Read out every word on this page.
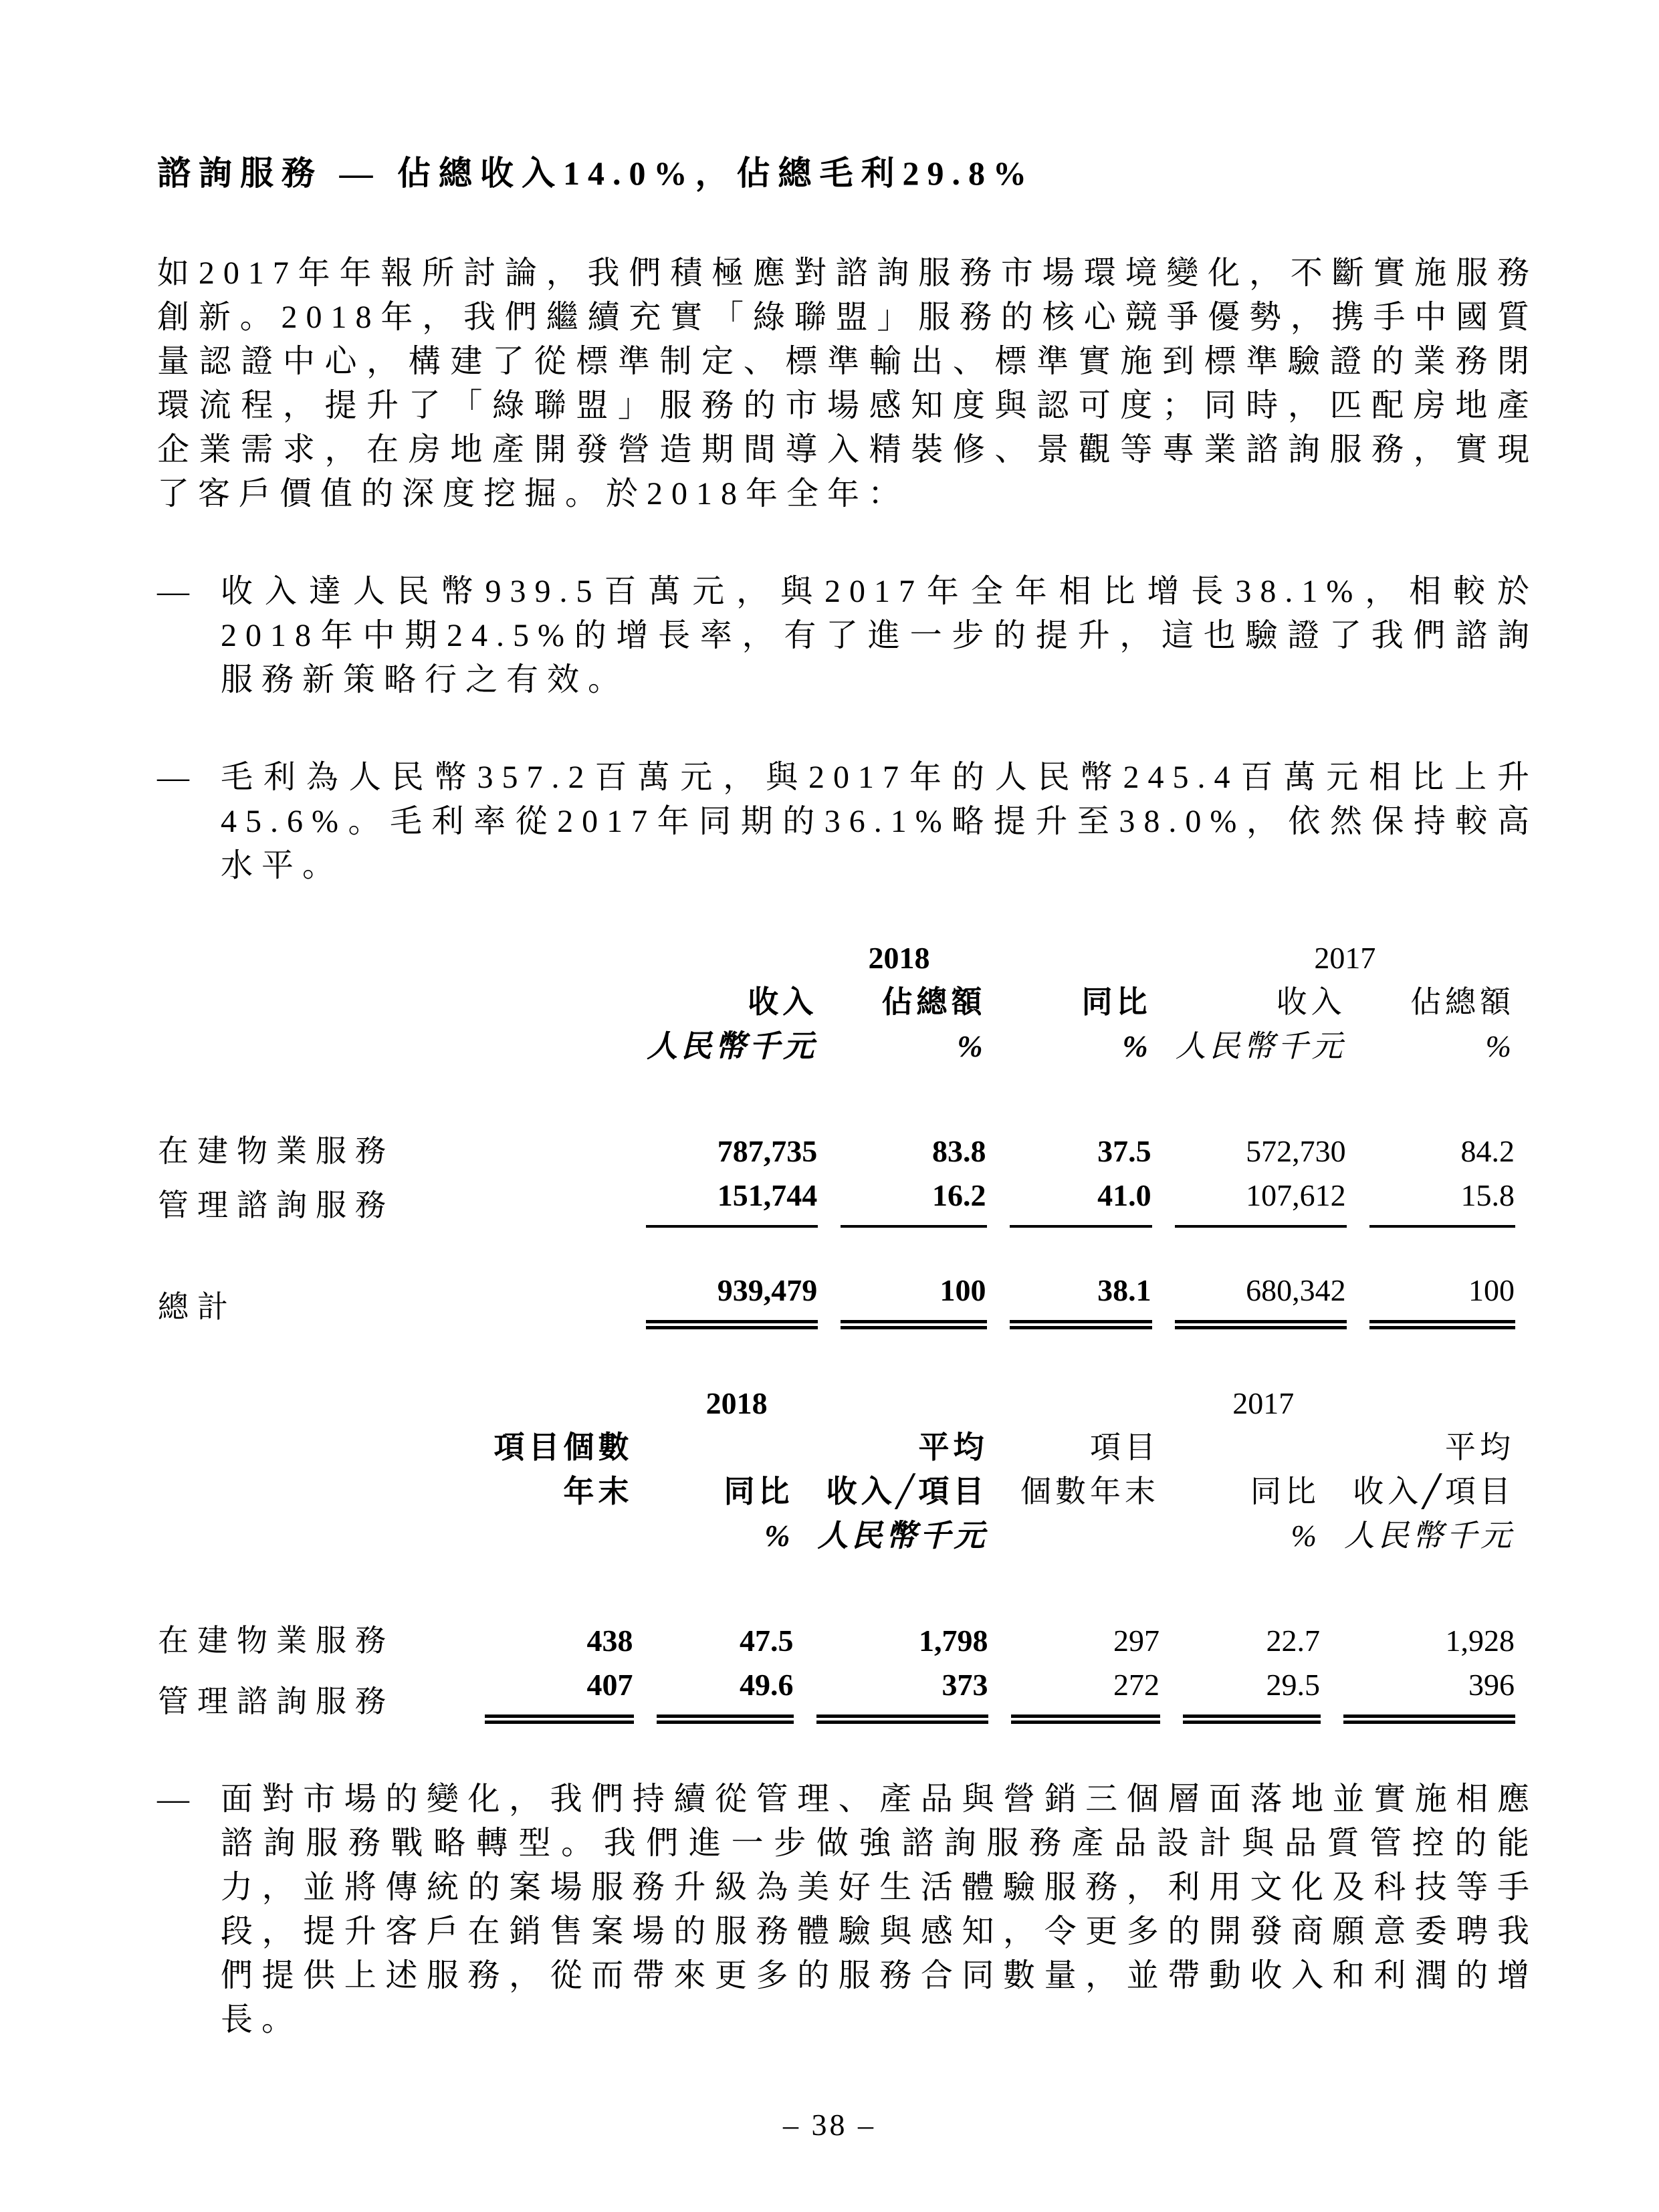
諮詢服務 — 佔總收入14.0%，佔總毛利29.8%
如2017年年報所討論，我們積極應對諮詢服務市場環境變化，不斷實施服務創新。2018年，我們繼續充實「綠聯盟」服務的核心競爭優勢，携手中國質量認證中心，構建了從標準制定、標準輸出、標準實施到標準驗證的業務閉環流程，提升了「綠聯盟」服務的市場感知度與認可度；同時，匹配房地產企業需求，在房地產開發營造期間導入精裝修、景觀等專業諮詢服務，實現了客戶價值的深度挖掘。於2018年全年：
— 收入達人民幣939.5百萬元，與2017年全年相比增長38.1%，相較於2018年中期24.5%的增長率，有了進一步的提升，這也驗證了我們諮詢服務新策略行之有效。
— 毛利為人民幣357.2百萬元，與2017年的人民幣245.4百萬元相比上升45.6%。毛利率從2017年同期的36.1%略提升至38.0%，依然保持較高水平。
	2018			2017	
	收入	佔總額	同比	收入	佔總額
	人民幣千元	%	%	人民幣千元	%
在建物業服務	787,735	83.8	37.5	572,730	84.2
管理諮詢服務	151,744	16.2	41.0	107,612	15.8
總計	939,479	100	38.1	680,342	100
	2018			2017		
	項目個數		平均	項目		平均
	年末	同比	收入╱項目	個數年末	同比	收入╱項目
		%	人民幣千元		%	人民幣千元
在建物業服務	438	47.5	1,798	297	22.7	1,928
管理諮詢服務	407	49.6	373	272	29.5	396
— 面對市場的變化，我們持續從管理、產品與營銷三個層面落地並實施相應諮詢服務戰略轉型。我們進一步做強諮詢服務產品設計與品質管控的能力，並將傳統的案場服務升級為美好生活體驗服務，利用文化及科技等手段，提升客戶在銷售案場的服務體驗與感知，令更多的開發商願意委聘我們提供上述服務，從而帶來更多的服務合同數量，並帶動收入和利潤的增長。
– 38 –
